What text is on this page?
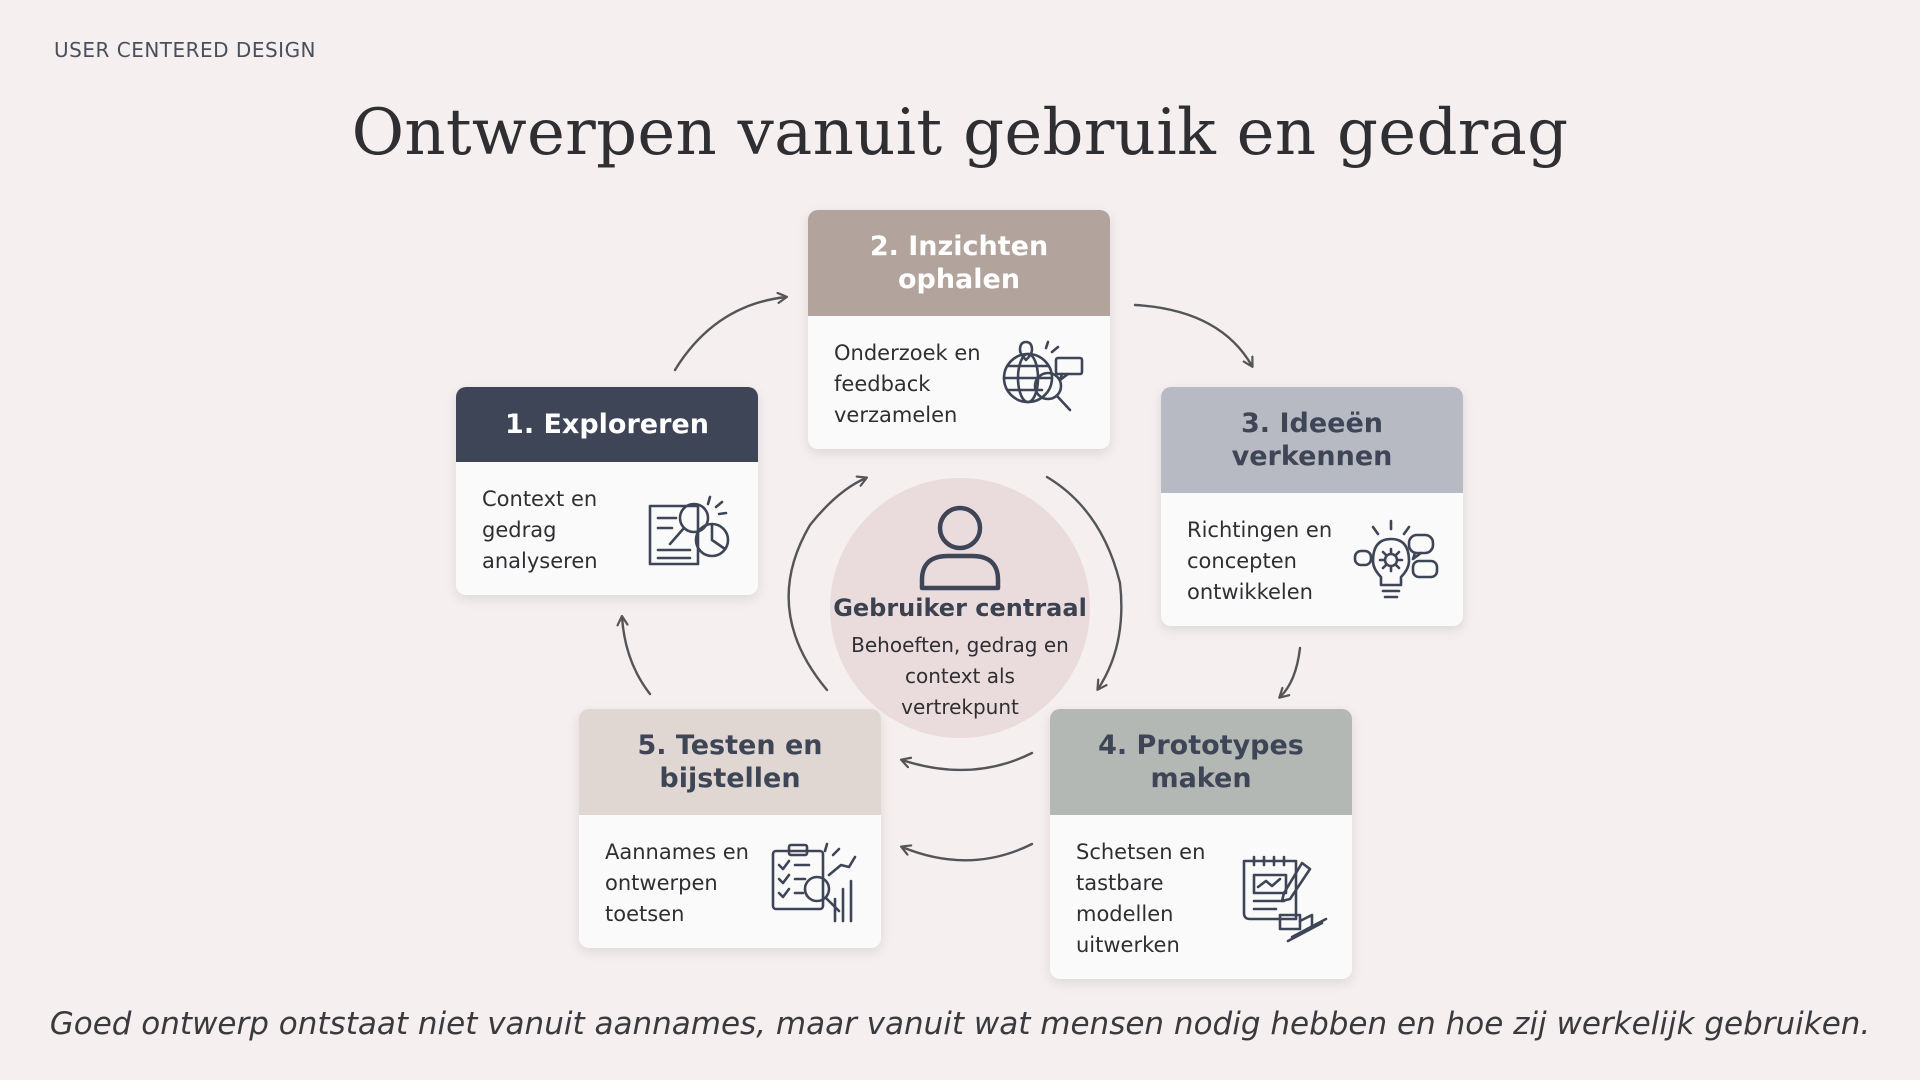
USER CENTERED DESIGN
Ontwerpen vanuit gebruik en gedrag
Gebruiker centraal
Behoeften, gedrag en context als vertrekpunt
1. Exploreren
Context en gedrag analyseren
2. Inzichten ophalen
Onderzoek en feedback verzamelen	3. Ideeën verkennen
Richtingen en concepten ontwikkelen
4. Prototypes maken
Schetsen en tastbare modellen uitwerken
5. Testen en bijstellen
Aannames en ontwerpen toetsen
Goed ontwerp ontstaat niet vanuit aannames, maar vanuit wat mensen nodig hebben en hoe zij werkelijk gebruiken.
